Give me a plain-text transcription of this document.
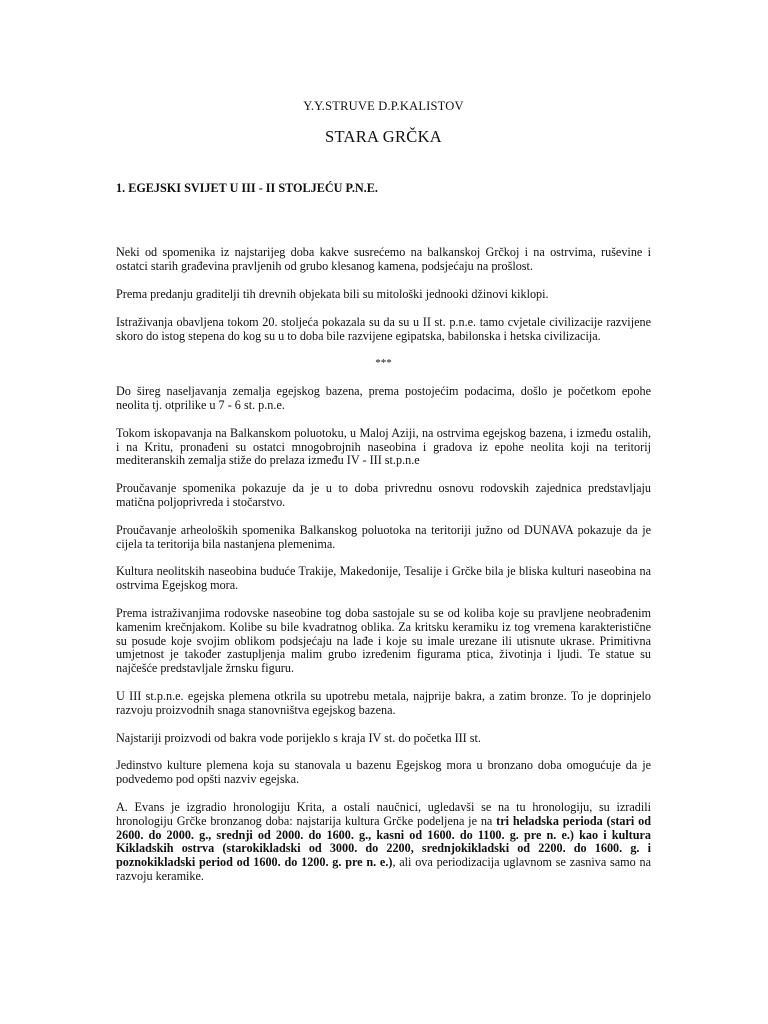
Y.Y.STRUVE D.P.KALISTOV

STARA GRČKA
1. EGEJSKI SVIJET U III - II STOLJEĆU P.N.E.

Neki od spomenika iz najstarijeg doba kakve susrećemo na balkanskoj Grčkoj i na ostrvima, ruševine i ostatci starih građevina pravljenih od grubo klesanog kamena, podsjećaju na prošlost.

Prema predanju graditelji tih drevnih objekata bili su mitološki jednooki džinovi kiklopi.

Istraživanja obavljena tokom 20. stoljeća pokazala su da su u II st. p.n.e. tamo cvjetale civilizacije razvijene skoro do istog stepena do kog su u to doba bile razvijene egipatska, babilonska i hetska civilizacija.

***

Do šireg naseljavanja zemalja egejskog bazena, prema postojećim podacima, došlo je početkom epohe neolita tj. otprilike u 7 - 6 st. p.n.e.

Tokom iskopavanja na Balkanskom poluotoku, u Maloj Aziji, na ostrvima egejskog bazena, i između ostalih, i na Kritu, pronađeni su ostatci mnogobrojnih naseobina i gradova iz epohe neolita koji na teritorij mediteranskih zemalja stiže do prelaza između IV - III st.p.n.e

Proučavanje spomenika pokazuje da je u to doba privrednu osnovu rodovskih zajednica predstavljaju matična poljoprivreda i stočarstvo.

Proučavanje arheoloških spomenika Balkanskog poluotoka na teritoriji južno od DUNAVA pokazuje da je cijela ta teritorija bila nastanjena plemenima.

Kultura neolitskih naseobina buduće Trakije, Makedonije, Tesalije i Grčke bila je bliska kulturi naseobina na ostrvima Egejskog mora.

Prema istraživanjima rodovske naseobine tog doba sastojale su se od koliba koje su pravljene neobrađenim kamenim krečnjakom. Kolibe su bile kvadratnog oblika. Za kritsku keramiku iz tog vremena karakteristične su posude koje svojim oblikom podsjećaju na lađe i koje su imale urezane ili utisnute ukrase. Primitivna umjetnost je također zastupljenja malim grubo izrеđenim figurama ptica, životinja i ljudi. Te statue su najčešće predstavljale žrnsku figuru.

U III st.p.n.e. egejska plemena otkrila su upotrebu metala, najprije bakra, a zatim bronze. To je doprinjelo razvoju proizvodnih snaga stanovništva egejskog bazena.

Najstariji proizvodi od bakra vode porijeklo s kraja IV st. do početka III st.

Jedinstvo kulture plemena koja su stanovala u bazenu Egejskog mora u bronzano doba omogućuje da je podvedemo pod opšti nazviv egejska.

A. Evans je izgradio hronologiju Krita, a ostali naučnici, ugledavši se na tu hronologiju, su izradili hronologiju Grčke bronzanog doba: najstarija kultura Grčke podeljena je na tri heladska perioda (stari od 2600. do 2000. g., srednji od 2000. do 1600. g., kasni od 1600. do 1100. g. pre n. e.) kao i kultura Kikladskih ostrva (starokikladski od 3000. do 2200, srednjokikladski od 2200. do 1600. g. i poznokikladski period od 1600. do 1200. g. pre n. e.), ali ova periodizacija uglavnom se zasniva samo na razvoju keramike.
